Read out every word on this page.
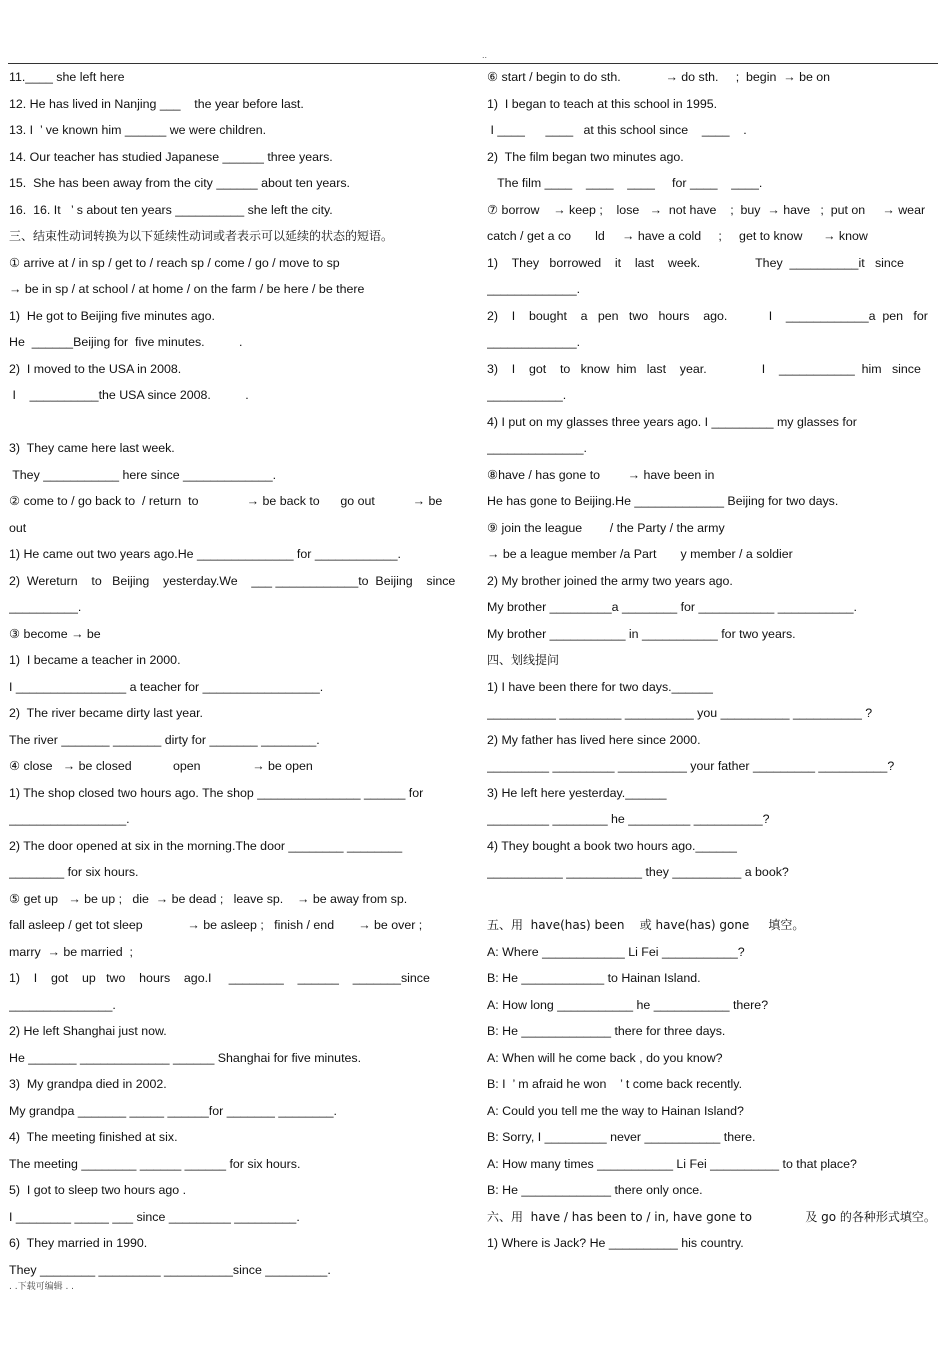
..
11.____ she left here
12. He has lived in Nanjing ___    the year before last.
13. I  ’ ve known him ______ we were children.
14. Our teacher has studied Japanese ______ three years.
15.  She has been away from the city ______ about ten years.
16.  16. It   ’ s about ten years __________ she left the city.
三、结束性动词转换为以下延续性动词或者表示可以延续的状态的短语。
① arrive at / in sp / get to / reach sp / come / go / move to sp
→ be in sp / at school / at home / on the farm / be here / be there
1)  He got to Beijing five minutes ago.
He  ______Beijing for  five minutes.          .
2)  I moved to the USA in 2008.
I    __________the USA since 2008.          .
3)  They came here last week.
They ___________ here since _____________.
② come to / go back to  / return  to              → be back to      go out           → be
out
1) He came out two years ago.He ______________ for ____________.
2)  Wereturn    to   Beijing    yesterday.We    ___ ____________to  Beijing    since
__________.
③ become → be
1)  I became a teacher in 2000.
I ________________ a teacher for _________________.
2)  The river became dirty last year.
The river _______ _______ dirty for _______ ________.
④ close   → be closed            open               → be open
1) The shop closed two hours ago. The shop _______________ ______ for
_________________.
2) The door opened at six in the morning.The door ________ ________
________ for six hours.
⑤ get up   → be up ;   die  → be dead ;   leave sp.    → be away from sp.
fall asleep / get tot sleep             → be asleep ;   finish / end       → be over ;
marry  → be married  ;
1)    I    got    up   two    hours    ago.I     ________    ______    _______since
_______________.
2) He left Shanghai just now.
He _______ _____________ ______ Shanghai for five minutes.
3)  My grandpa died in 2002.
My grandpa _______ _____ ______for _______ ________.
4)  The meeting finished at six.
The meeting ________ ______ ______ for six hours.
5)  I got to sleep two hours ago .
I ________ _____ ___ since _________ _________.
6)  They married in 1990.
They ________ _________ __________since _________.
⑥ start / begin to do sth.             → do sth.     ;  begin  → be on
1)  I began to teach at this school in 1995.
I ____      ____   at this school since    ____    .
2)  The film began two minutes ago.
The film ____    ____    ____     for ____    ____.
⑦ borrow    → keep ;    lose   →  not have    ;  buy  → have   ;  put on     → wear
catch / get a co       ld     → have a cold     ;     get to know      → know
1)    They   borrowed    it    last    week.                They  __________it   since
_____________.
2)    I    bought    a   pen   two   hours    ago.            I    ____________a  pen   for
_____________.
3)    I    got    to   know  him   last    year.                I    ___________  him   since
___________.
4) I put on my glasses three years ago. I _________ my glasses for
______________.
⑧have / has gone to        → have been in
He has gone to Beijing.He _____________ Beijing for two days.
⑨ join the league        / the Party / the army
→ be a league member /a Part       y member / a soldier
2) My brother joined the army two years ago.
My brother _________a ________ for ___________ ___________.
My brother ___________ in ___________ for two years.
四、划线提问
1) I have been there for two days.______
__________ _________ __________ you __________ __________ ?
2) My father has lived here since 2000.
_________ _________ __________ your father _________ __________?
3) He left here yesterday.______
_________ ________ he _________ __________?
4) They bought a book two hours ago.______
___________ ___________ they __________ a book?
五、用  have(has) been    或 have(has) gone     填空。
A: Where ____________ Li Fei ___________?
B: He ____________ to Hainan Island.
A: How long ___________ he ___________ there?
B: He _____________ there for three days.
A: When will he come back , do you know?
B: I  ’ m afraid he won    ’ t come back recently.
A: Could you tell me the way to Hainan Island?
B: Sorry, I _________ never ___________ there.
A: How many times ___________ Li Fei __________ to that place?
B: He _____________ there only once.
六、用  have / has been to / in, have gone to              及 go 的各种形式填空。
1) Where is Jack? He __________ his country.
. .下载可编辑 . .
